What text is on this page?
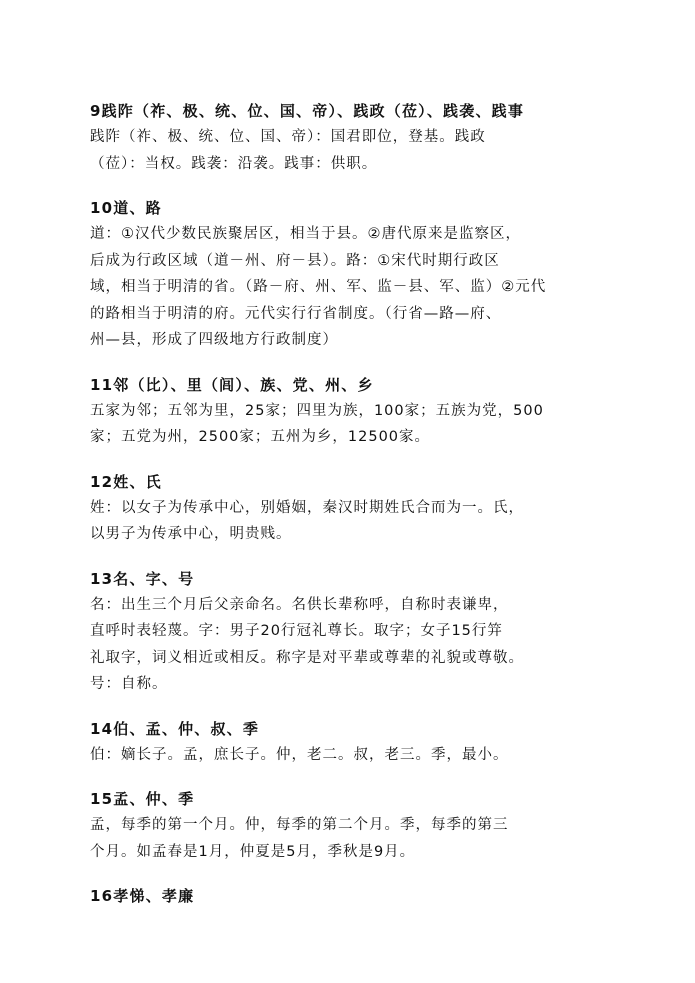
9践阼（祚、极、统、位、国、帝）、践政（莅）、践袭、践事

践阼（祚、极、统、位、国、帝）：国君即位，登基。践政
（莅）：当权。践袭：沿袭。践事：供职。

10道、路

道：①汉代少数民族聚居区，相当于县。②唐代原来是监察区，
后成为行政区域（道－州、府－县）。路：①宋代时期行政区
域，相当于明清的省。（路－府、州、军、监－县、军、监）②元代
的路相当于明清的府。元代实行行省制度。（行省—路—府、
州—县，形成了四级地方行政制度）

11邻（比）、里（闾）、族、党、州、乡

五家为邻；五邻为里，25家；四里为族，100家；五族为党，500
家；五党为州，2500家；五州为乡，12500家。

12姓、氏

姓：以女子为传承中心，别婚姻，秦汉时期姓氏合而为一。氏，
以男子为传承中心，明贵贱。

13名、字、号

名：出生三个月后父亲命名。名供长辈称呼，自称时表谦卑，
直呼时表轻蔑。字：男子20行冠礼尊长。取字；女子15行笄
礼取字，词义相近或相反。称字是对平辈或尊辈的礼貌或尊敬。
号：自称。

14伯、孟、仲、叔、季

伯：嫡长子。孟，庶长子。仲，老二。叔，老三。季，最小。

15孟、仲、季

孟，每季的第一个月。仲，每季的第二个月。季，每季的第三
个月。如孟春是1月，仲夏是5月，季秋是9月。

16孝悌、孝廉
